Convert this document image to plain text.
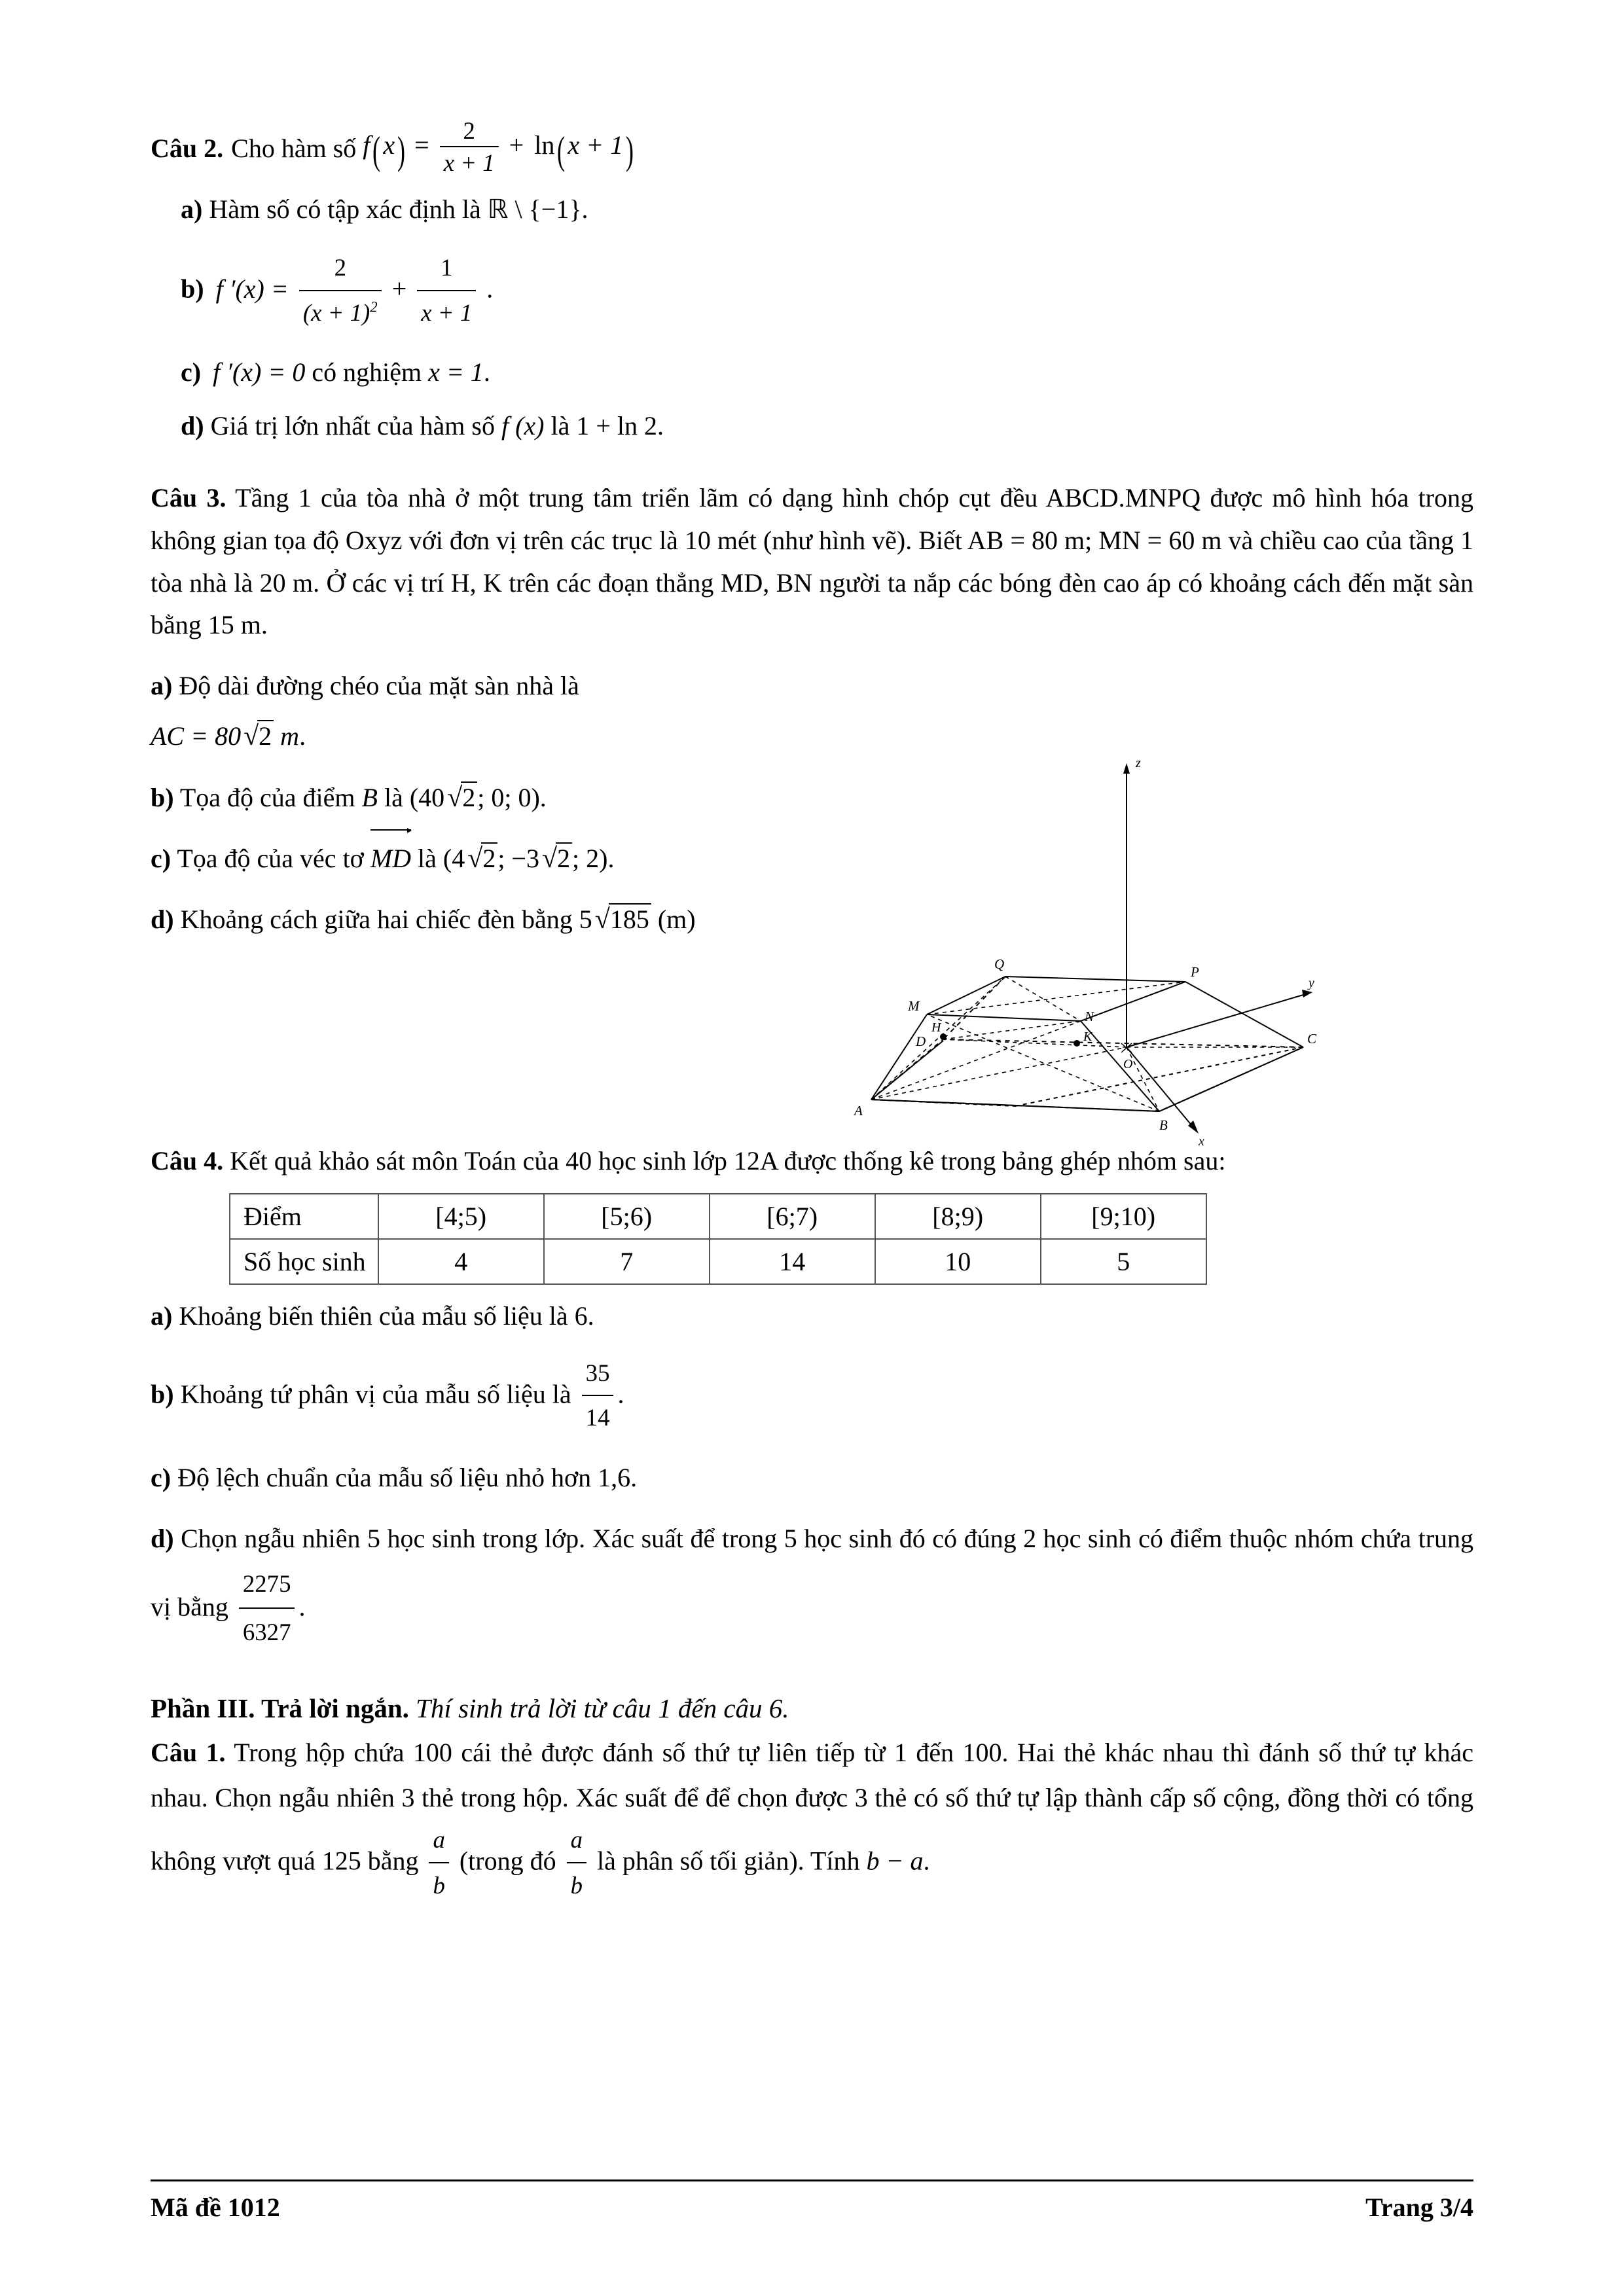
Câu 2. Cho hàm số $f(x) = \frac{2}{x + 1} + \ln(x + 1)$
a) Hàm số có tập xác định là ℝ \ {−1}.
b) f $'(x) = \frac{2}{(x + 1)^2} + \frac{1}{x + 1}$ .
c) f ′(x) = 0 có nghiệm x = 1.
d) Giá trị lớn nhất của hàm số f (x) là 1 + ln 2.
Câu 3. Tầng 1 của tòa nhà ở một trung tâm triển lãm có dạng hình chóp cụt đều ABCD.MNPQ được mô hình hóa trong không gian tọa độ Oxyz với đơn vị trên các trục là 10 mét (như hình vẽ). Biết AB = 80 m; MN = 60 m và chiều cao của tầng 1 tòa nhà là 20 m. Ở các vị trí H, K trên các đoạn thẳng MD, BN người ta nắp các bóng đèn cao áp có khoảng cách đến mặt sàn bằng 15 m.
a) Độ dài đường chéo của mặt sàn nhà là
AC = 80√2 m.
b) Tọa độ của điểm B là (40√2; 0; 0).
c) Tọa độ của véc tơ MD là (4√2; −3√2; 2).
d) Khoảng cách giữa hai chiếc đèn bằng 5√185 (m)
z
y
x
O
H
K
A
B
C
D
M
N
P
Q
Câu 4. Kết quả khảo sát môn Toán của 40 học sinh lớp 12A được thống kê trong bảng ghép nhóm sau:
Điểm	[4;5)	[5;6)	[6;7)	[8;9)	[9;10)
Số học sinh	4	7	14	10	5
a) Khoảng biến thiên của mẫu số liệu là 6.
b) Khoảng tứ phân vị của mẫu số liệu là $\frac{35}{14}$ .
c) Độ lệch chuẩn của mẫu số liệu nhỏ hơn 1,6.
d) Chọn ngẫu nhiên 5 học sinh trong lớp. Xác suất để trong 5 học sinh đó có đúng 2 học sinh có điểm thuộc nhóm chứa trung vị bằng $\frac{2275}{6327}$ .
Phần III. Trả lời ngắn. Thí sinh trả lời từ câu 1 đến câu 6.
Câu 1. Trong hộp chứa 100 cái thẻ được đánh số thứ tự liên tiếp từ 1 đến 100. Hai thẻ khác nhau thì đánh số thứ tự khác nhau. Chọn ngẫu nhiên 3 thẻ trong hộp. Xác suất để để chọn được 3 thẻ có số thứ tự lập thành cấp số cộng, đồng thời có tổng không vượt quá 125 bằng $\frac{a}{b}$ (trong đó $\frac{a}{b}$ là phân số tối giản). Tính b − a.
Mã đề 1012	Trang 3/4
